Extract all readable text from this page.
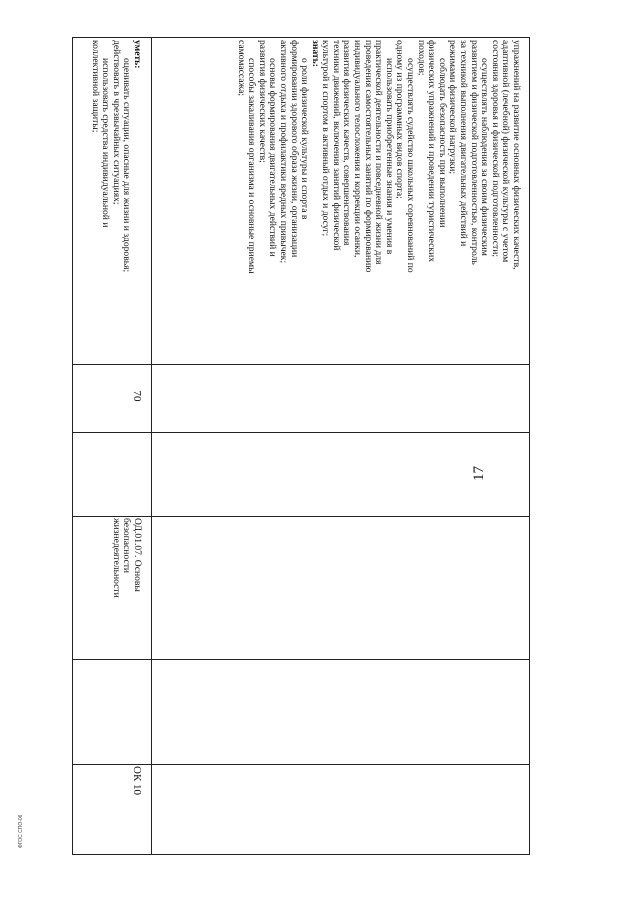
17
упражнений на развитие основных физических качеств,
адаптивной (лечебной) физической культуры с учетом
состояния здоровья и физической подготовленности;
осуществлять наблюдения за своим физическим
развитием и физической подготовленностью, контроль
за техникой выполнения двигательных действий и
режимами физической нагрузки;
соблюдать безопасность при выполнении
физических упражнений и проведении туристических
походов;
осуществлять судейство школьных соревнований по
одному из программных видов спорта;
использовать приобретенные знания и умения в
практической деятельности и повседневной жизни для
проведения самостоятельных занятий по формированию
индивидуального телосложения и коррекции осанки,
развития физических качеств, совершенствования
техники движений, включения занятий физической
культурой и спортом в активный отдых и досуг;
знать:
о роли физической культуры и спорта в
формировании здорового образа жизни, организации
активного отдыха и профилактики вредных привычек;
основы формирования двигательных действий и
развития физических качеств;
способы закаливания организма и основные приемы
самомассажа;
уметь:
оценивать ситуации, опасные для жизни и здоровья;
действовать в чрезвычайных ситуациях;
использовать средства индивидуальной и
коллективной защиты;
70
ОД.01.07. Основы
безопасности
жизнедеятельности
ОК 10
ФГОС СПО-06
